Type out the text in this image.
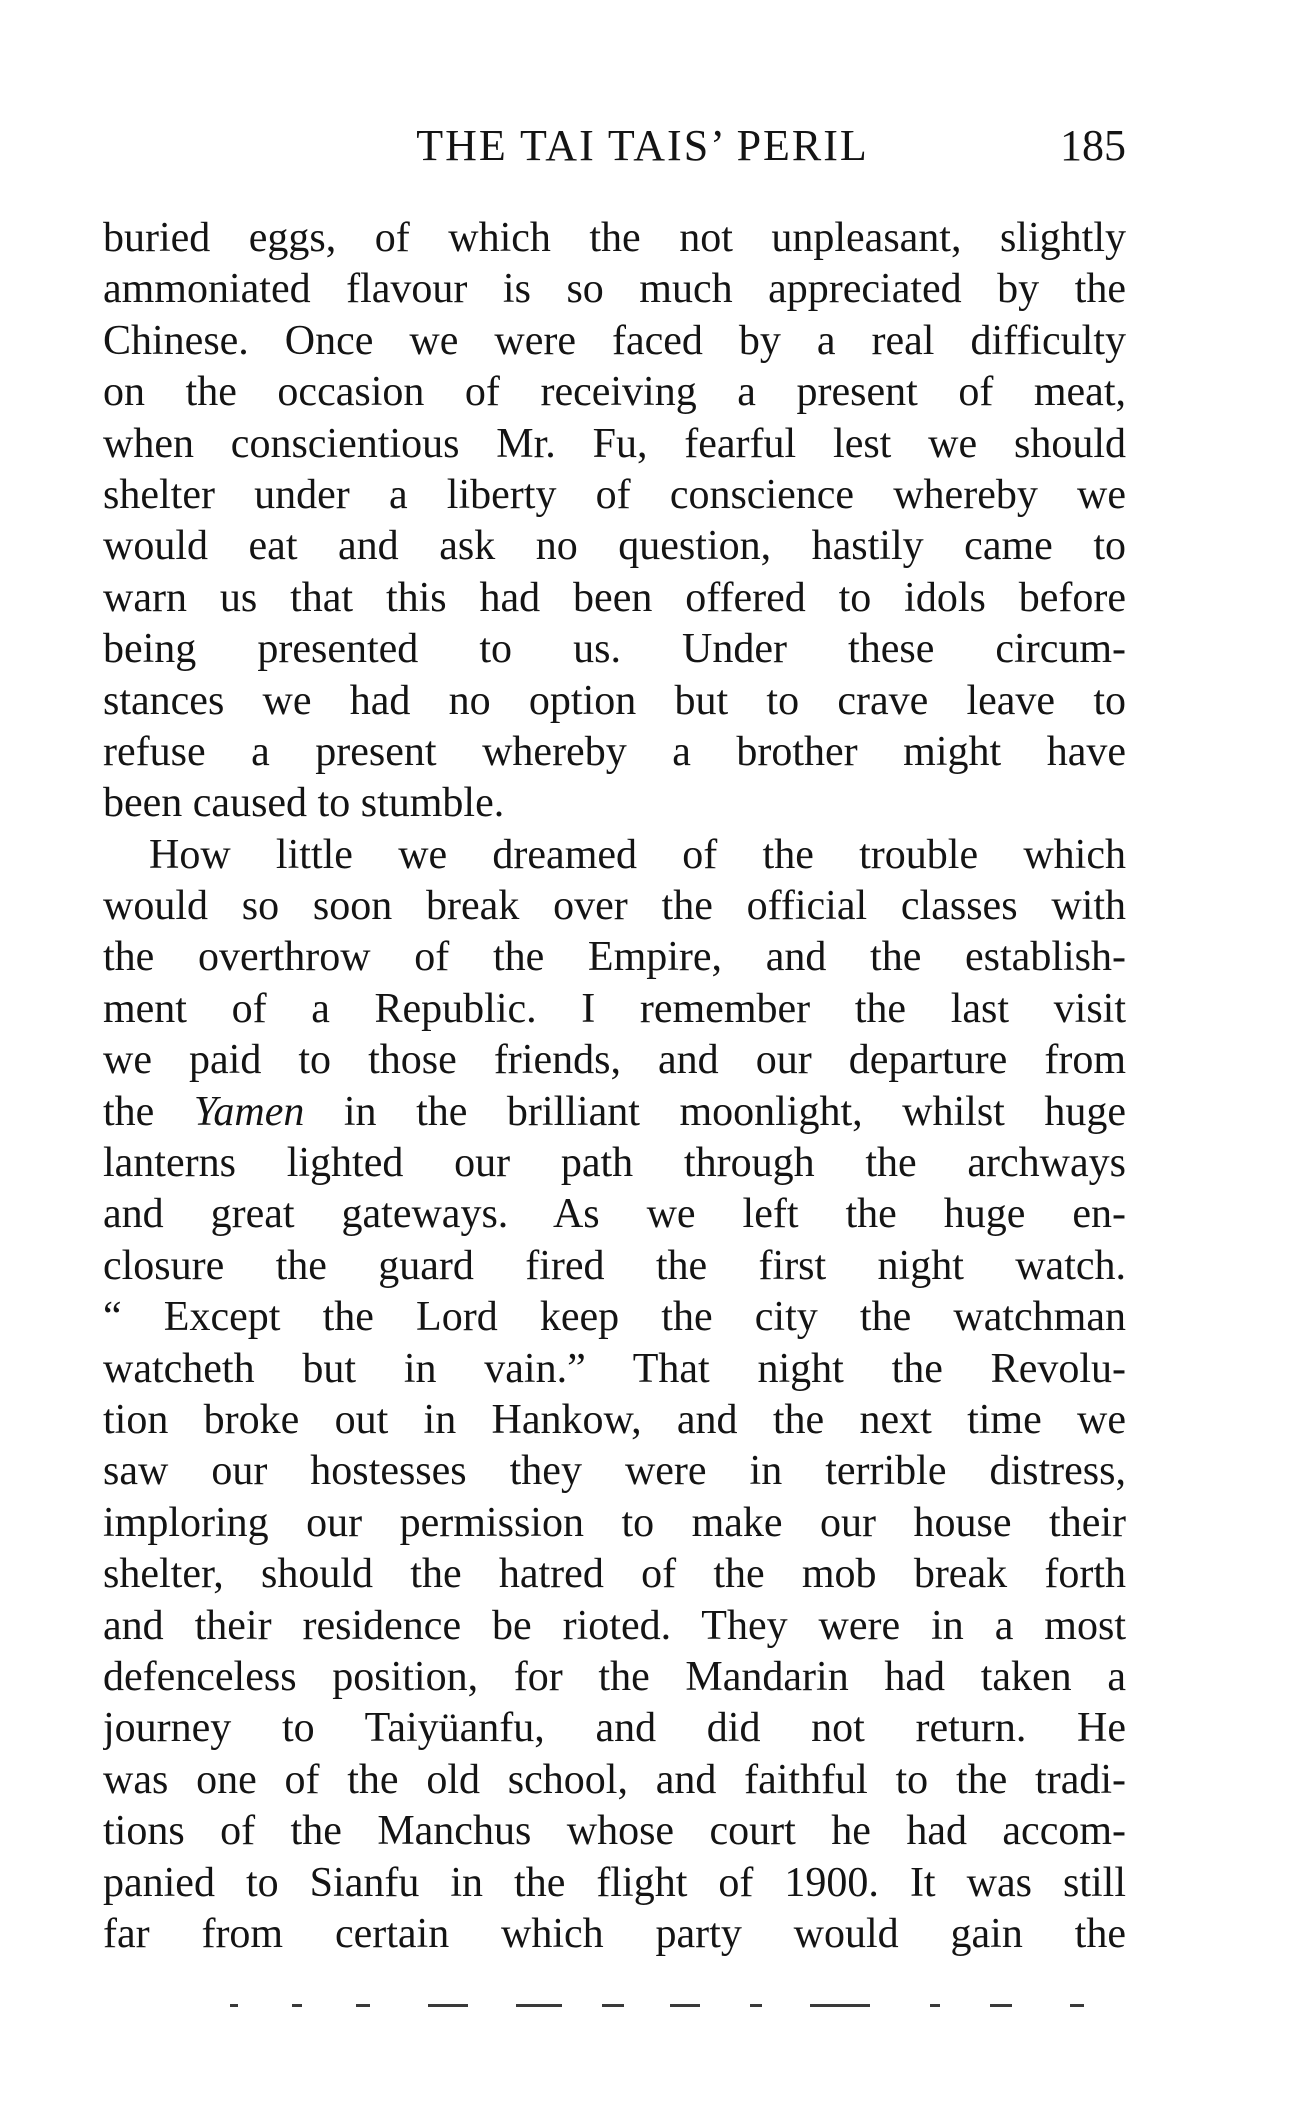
THE TAI TAIS’ PERIL	185
buried eggs, of which the not unpleasant, slightly
ammoniated flavour is so much appreciated by the
Chinese. Once we were faced by a real difficulty
on the occasion of receiving a present of meat,
when conscientious Mr. Fu, fearful lest we should
shelter under a liberty of conscience whereby we
would eat and ask no question, hastily came to
warn us that this had been offered to idols before
being presented to us. Under these circum-
stances we had no option but to crave leave to
refuse a present whereby a brother might have
been caused to stumble.
How little we dreamed of the trouble which
would so soon break over the official classes with
the overthrow of the Empire, and the establish-
ment of a Republic. I remember the last visit
we paid to those friends, and our departure from
the Yamen in the brilliant moonlight, whilst huge
lanterns lighted our path through the archways
and great gateways. As we left the huge en-
closure the guard fired the first night watch.
“ Except the Lord keep the city the watchman
watcheth but in vain.” That night the Revolu-
tion broke out in Hankow, and the next time we
saw our hostesses they were in terrible distress,
imploring our permission to make our house their
shelter, should the hatred of the mob break forth
and their residence be rioted. They were in a most
defenceless position, for the Mandarin had taken a
journey to Taiyüanfu, and did not return. He
was one of the old school, and faithful to the tradi-
tions of the Manchus whose court he had accom-
panied to Sianfu in the flight of 1900. It was still
far from certain which party would gain the
